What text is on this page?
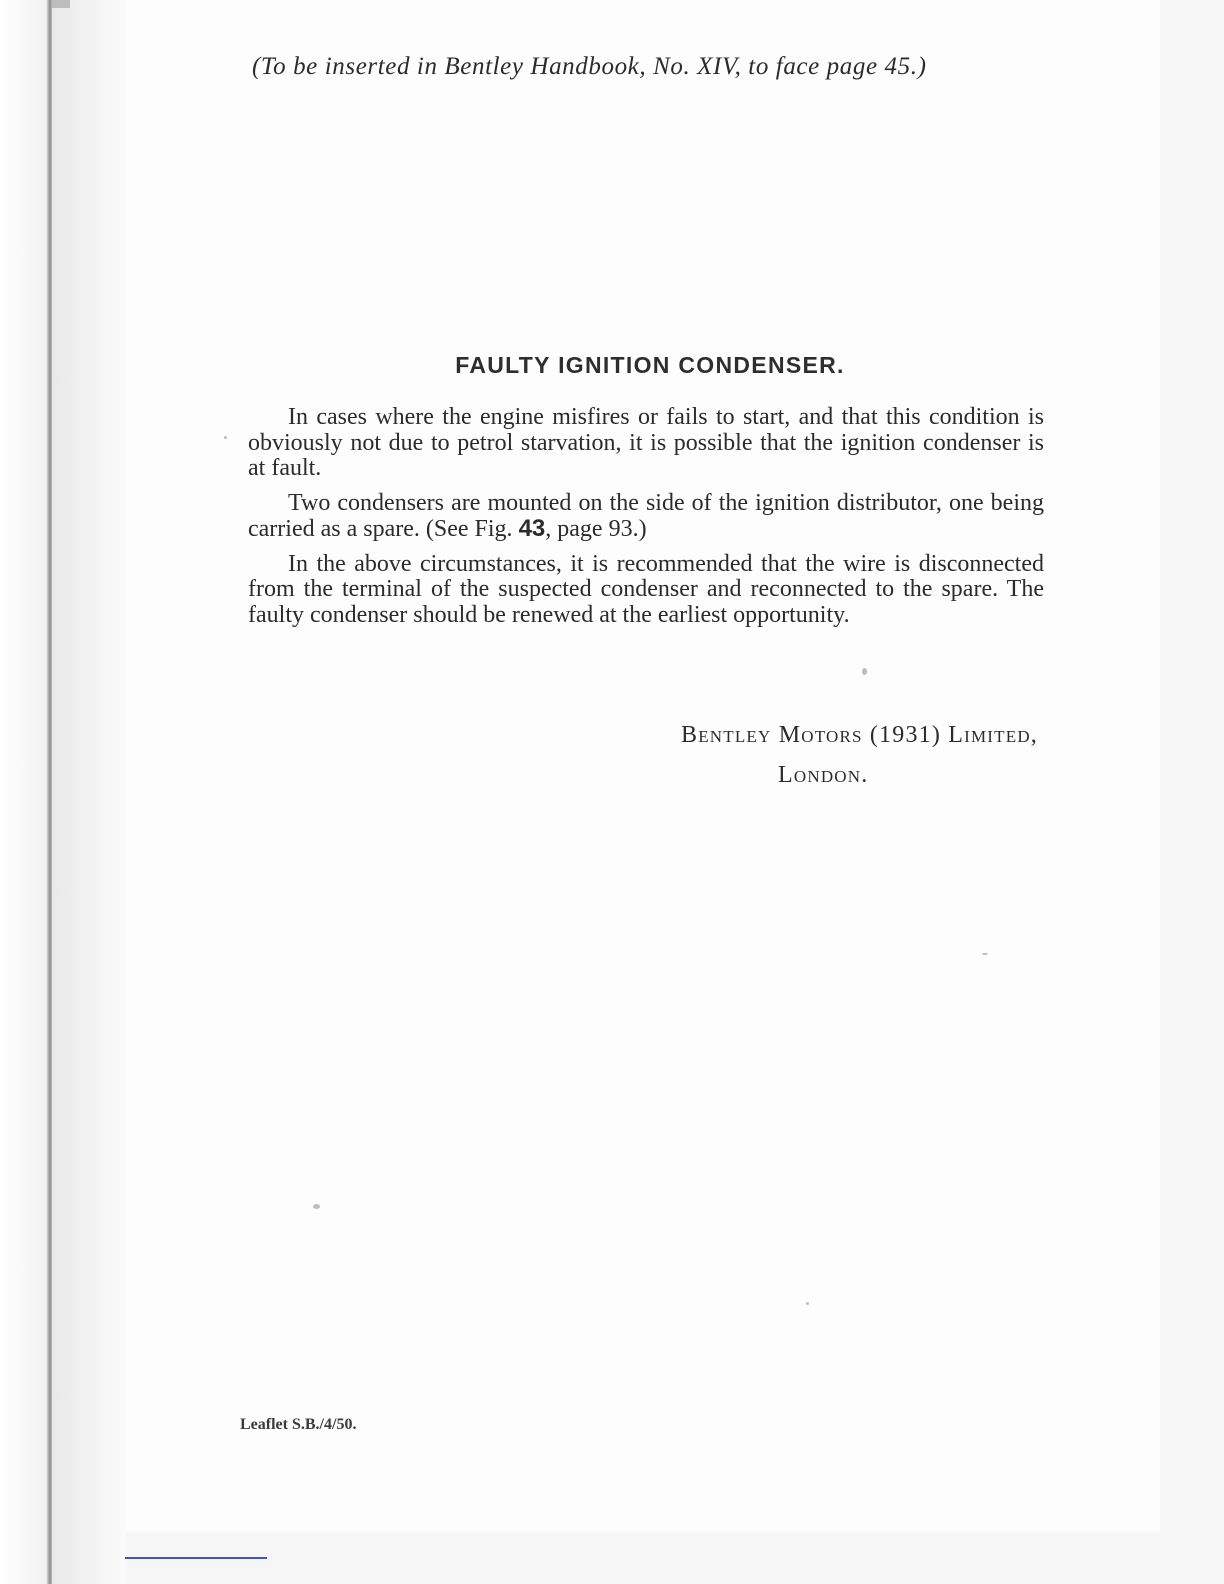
(To be inserted in Bentley Handbook, No. XIV, to face page 45.)
FAULTY IGNITION CONDENSER.

In cases where the engine misfires or fails to start, and that this condition is obviously not due to petrol starvation, it is possible that the ignition condenser is at fault.

Two condensers are mounted on the side of the ignition distributor, one being carried as a spare. (See Fig. 43, page 93.)

In the above circumstances, it is recommended that the wire is disconnected from the terminal of the suspected condenser and reconnected to the spare. The faulty condenser should be renewed at the earliest opportunity.

Bentley Motors (1931) Limited,
London.
Leaflet S.B./4/50.
